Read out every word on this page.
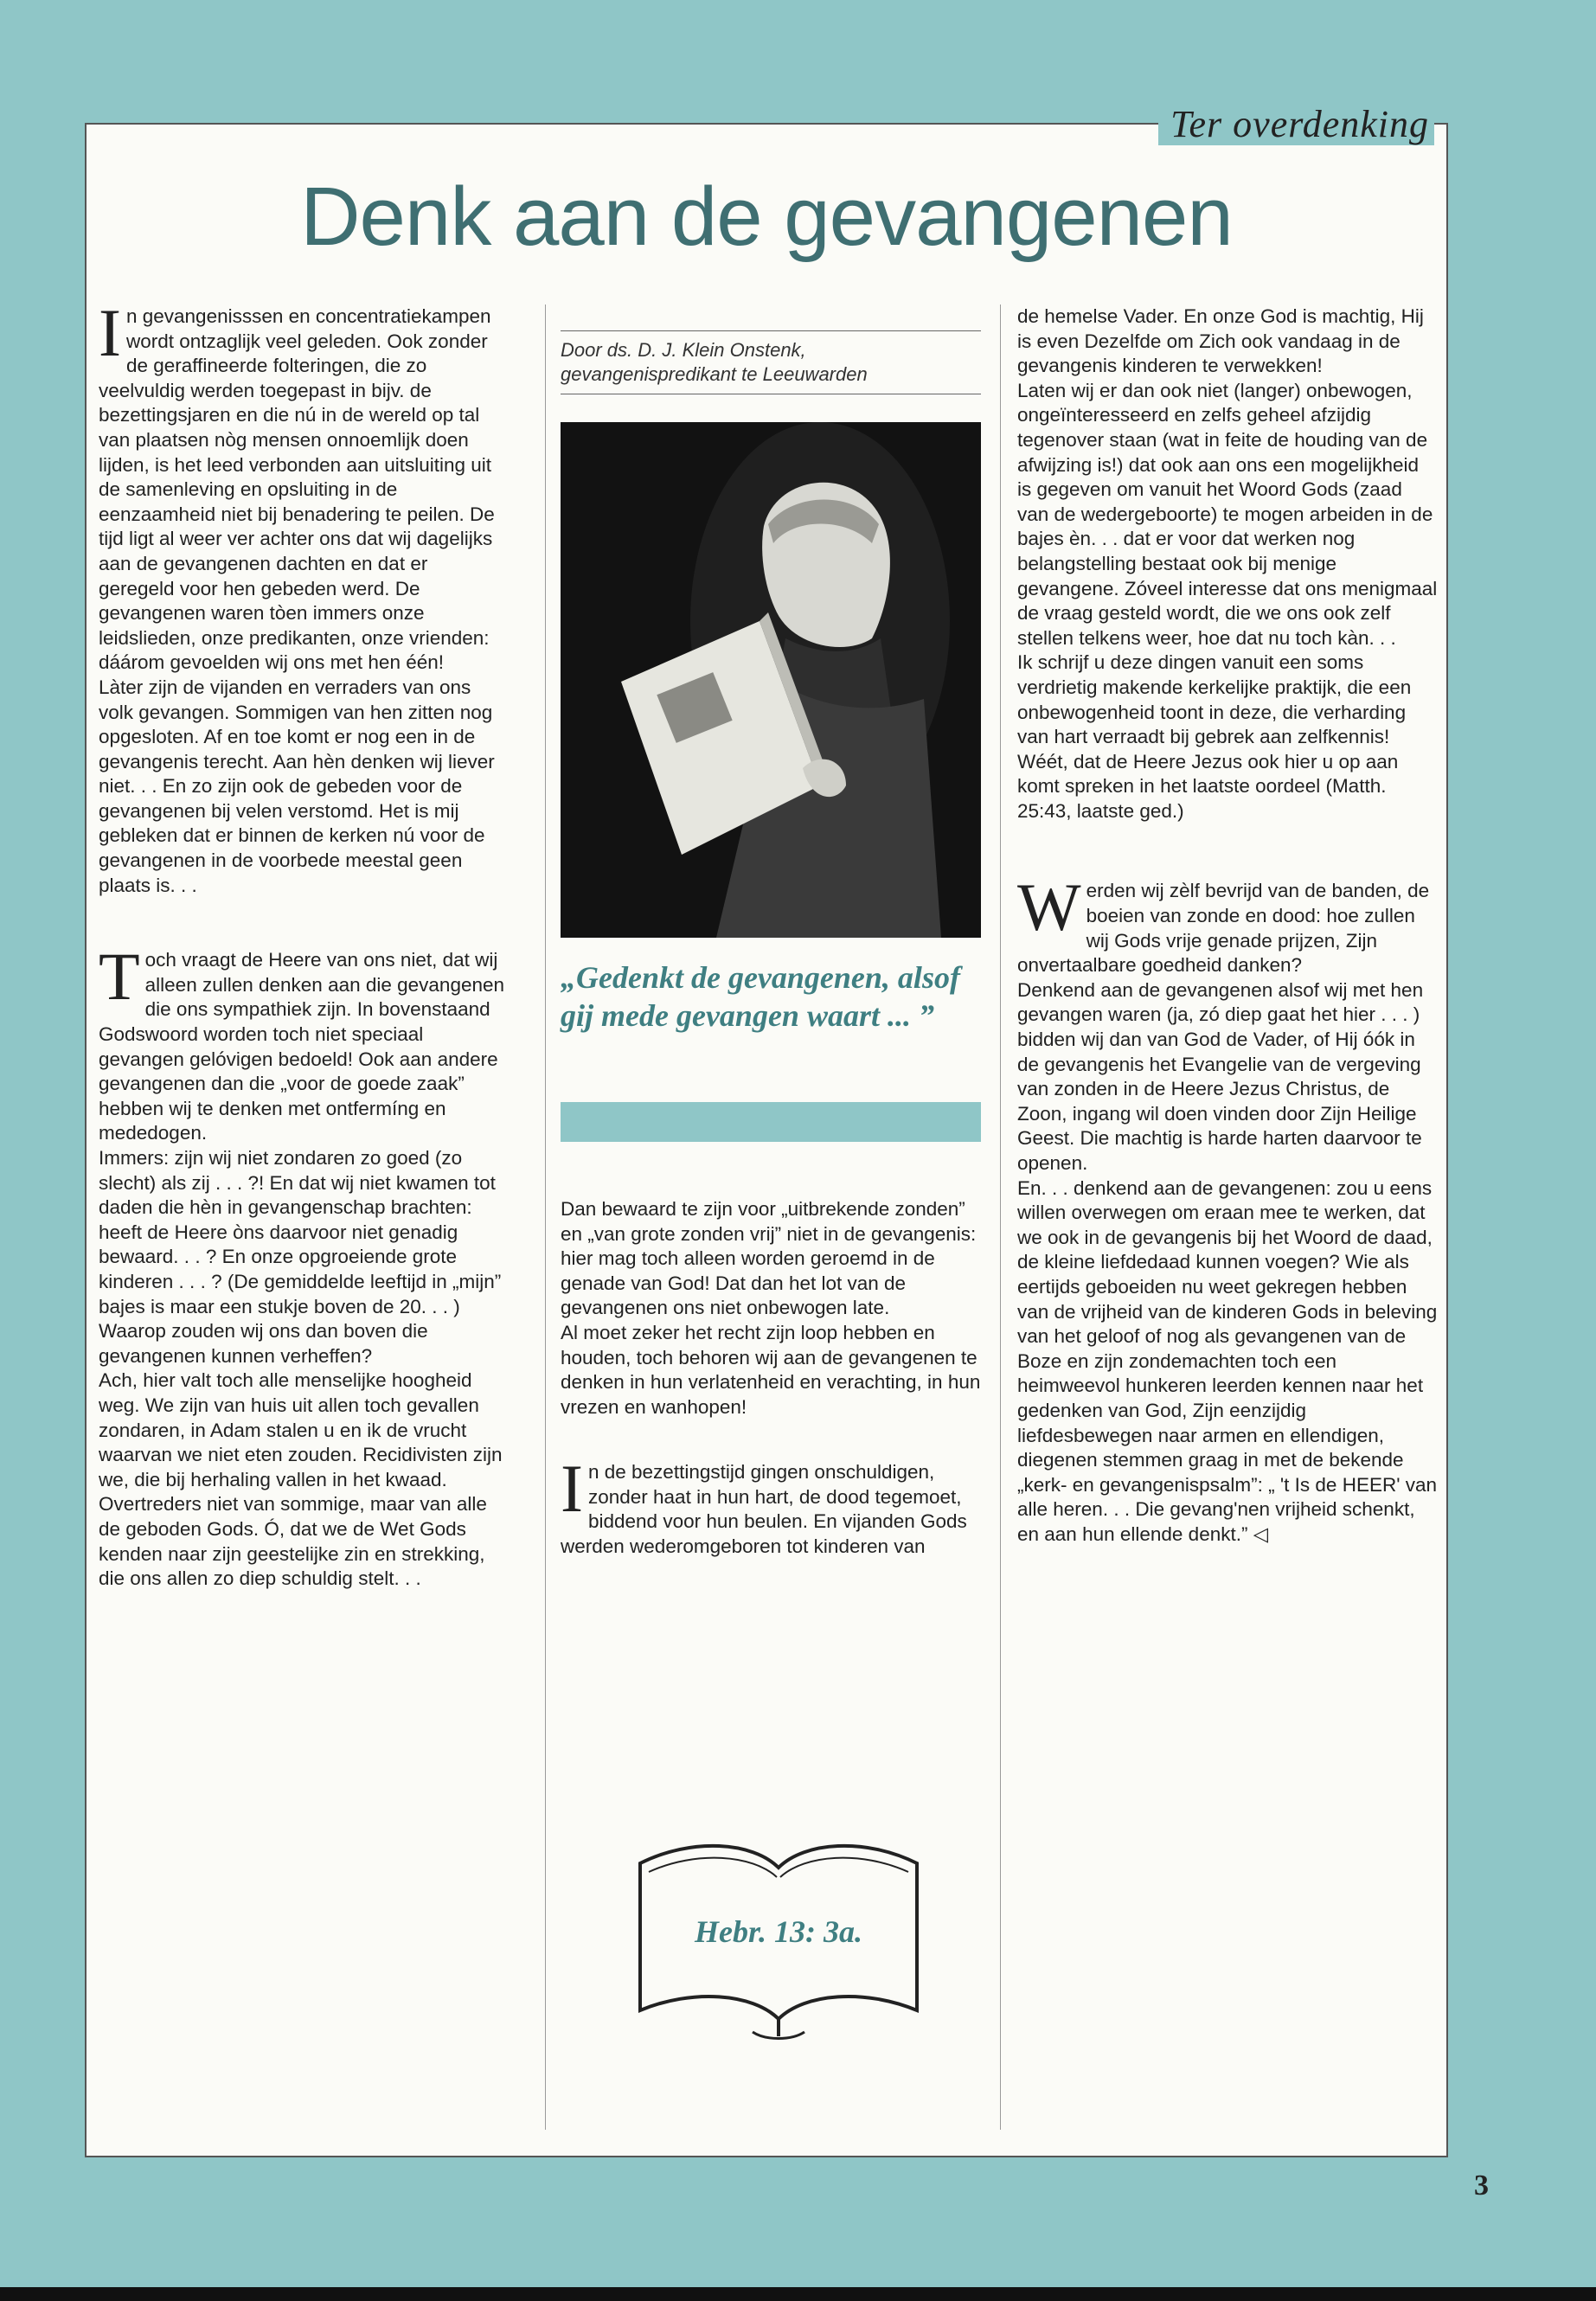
Ter overdenking
Denk aan de gevangenen

In gevangenisssen en concentratiekampen wordt ontzaglijk veel geleden. Ook zonder de geraffineerde folteringen, die zo veelvuldig werden toegepast in bijv. de bezettingsjaren en die nú in de wereld op tal van plaatsen nòg mensen onnoemlijk doen lijden, is het leed verbonden aan uitsluiting uit de samenleving en opsluiting in de eenzaamheid niet bij benadering te peilen. De tijd ligt al weer ver achter ons dat wij dagelijks aan de gevangenen dachten en dat er geregeld voor hen gebeden werd. De gevangenen waren tòen immers onze leidslieden, onze predikanten, onze vrienden: dáárom gevoelden wij ons met hen één!

Làter zijn de vijanden en verraders van ons volk gevangen. Sommigen van hen zitten nog opgesloten. Af en toe komt er nog een in de gevangenis terecht. Aan hèn denken wij liever niet. . . En zo zijn ook de gebeden voor de gevangenen bij velen verstomd. Het is mij gebleken dat er binnen de kerken nú voor de gevangenen in de voorbede meestal geen plaats is. . .

Toch vraagt de Heere van ons niet, dat wij alleen zullen denken aan die gevangenen die ons sympathiek zijn. In bovenstaand Godswoord worden toch niet speciaal gevangen gelóvigen bedoeld! Ook aan andere gevangenen dan die „voor de goede zaak” hebben wij te denken met ontfermíng en mededogen.

Immers: zijn wij niet zondaren zo goed (zo slecht) als zij . . . ?! En dat wij niet kwamen tot daden die hèn in gevangenschap brachten: heeft de Heere òns daarvoor niet genadig bewaard. . . ? En onze opgroeiende grote kinderen . . . ? (De gemiddelde leeftijd in „mijn” bajes is maar een stukje boven de 20. . . ) Waarop zouden wij ons dan boven die gevangenen kunnen verheffen?

Ach, hier valt toch alle menselijke hoogheid weg. We zijn van huis uit allen toch gevallen zondaren, in Adam stalen u en ik de vrucht waarvan we niet eten zouden. Recidivisten zijn we, die bij herhaling vallen in het kwaad. Overtreders niet van sommige, maar van alle de geboden Gods. Ó, dat we de Wet Gods kenden naar zijn geestelijke zin en strekking, die ons allen zo diep schuldig stelt. . .

Door ds. D. J. Klein Onstenk, gevangenispredikant te Leeuwarden
„Gedenkt de gevangenen, alsof gij mede gevangen waart ... ”

Dan bewaard te zijn voor „uitbrekende zonden” en „van grote zonden vrij” niet in de gevangenis: hier mag toch alleen worden geroemd in de genade van God! Dat dan het lot van de gevangenen ons niet onbewogen late.

Al moet zeker het recht zijn loop hebben en houden, toch behoren wij aan de gevangenen te denken in hun verlatenheid en verachting, in hun vrezen en wanhopen!

In de bezettingstijd gingen onschuldigen, zonder haat in hun hart, de dood tegemoet, biddend voor hun beulen. En vijanden Gods werden wederomgeboren tot kinderen van

Hebr. 13: 3a.

de hemelse Vader. En onze God is machtig, Hij is even Dezelfde om Zich ook vandaag in de gevangenis kinderen te verwekken!

Laten wij er dan ook niet (langer) onbewogen, ongeïnteresseerd en zelfs geheel afzijdig tegenover staan (wat in feite de houding van de afwijzing is!) dat ook aan ons een mogelijkheid is gegeven om vanuit het Woord Gods (zaad van de wedergeboorte) te mogen arbeiden in de bajes èn. . . dat er voor dat werken nog belangstelling bestaat ook bij menige gevangene. Zóveel interesse dat ons menigmaal de vraag gesteld wordt, die we ons ook zelf stellen telkens weer, hoe dat nu toch kàn. . .

Ik schrijf u deze dingen vanuit een soms verdrietig makende kerkelijke praktijk, die een onbewogenheid toont in deze, die verharding van hart verraadt bij gebrek aan zelfkennis! Wéét, dat de Heere Jezus ook hier u op aan komt spreken in het laatste oordeel (Matth. 25:43, laatste ged.)

Werden wij zèlf bevrijd van de banden, de boeien van zonde en dood: hoe zullen wij Gods vrije genade prijzen, Zijn onvertaalbare goedheid danken?

Denkend aan de gevangenen alsof wij met hen gevangen waren (ja, zó diep gaat het hier . . . ) bidden wij dan van God de Vader, of Hij óók in de gevangenis het Evangelie van de vergeving van zonden in de Heere Jezus Christus, de Zoon, ingang wil doen vinden door Zijn Heilige Geest. Die machtig is harde harten daarvoor te openen.

En. . . denkend aan de gevangenen: zou u eens willen overwegen om eraan mee te werken, dat we ook in de gevangenis bij het Woord de daad, de kleine liefdedaad kunnen voegen? Wie als eertijds geboeiden nu weet gekregen hebben van de vrijheid van de kinderen Gods in beleving van het geloof of nog als gevangenen van de Boze en zijn zondemachten toch een heimweevol hunkeren leerden kennen naar het gedenken van God, Zijn eenzijdig liefdesbewegen naar armen en ellendigen, diegenen stemmen graag in met de bekende „kerk- en gevangenispsalm”: „ 't Is de HEER' van alle heren. . . Die gevang'nen vrijheid schenkt, en aan hun ellende denkt.” ◁

3
